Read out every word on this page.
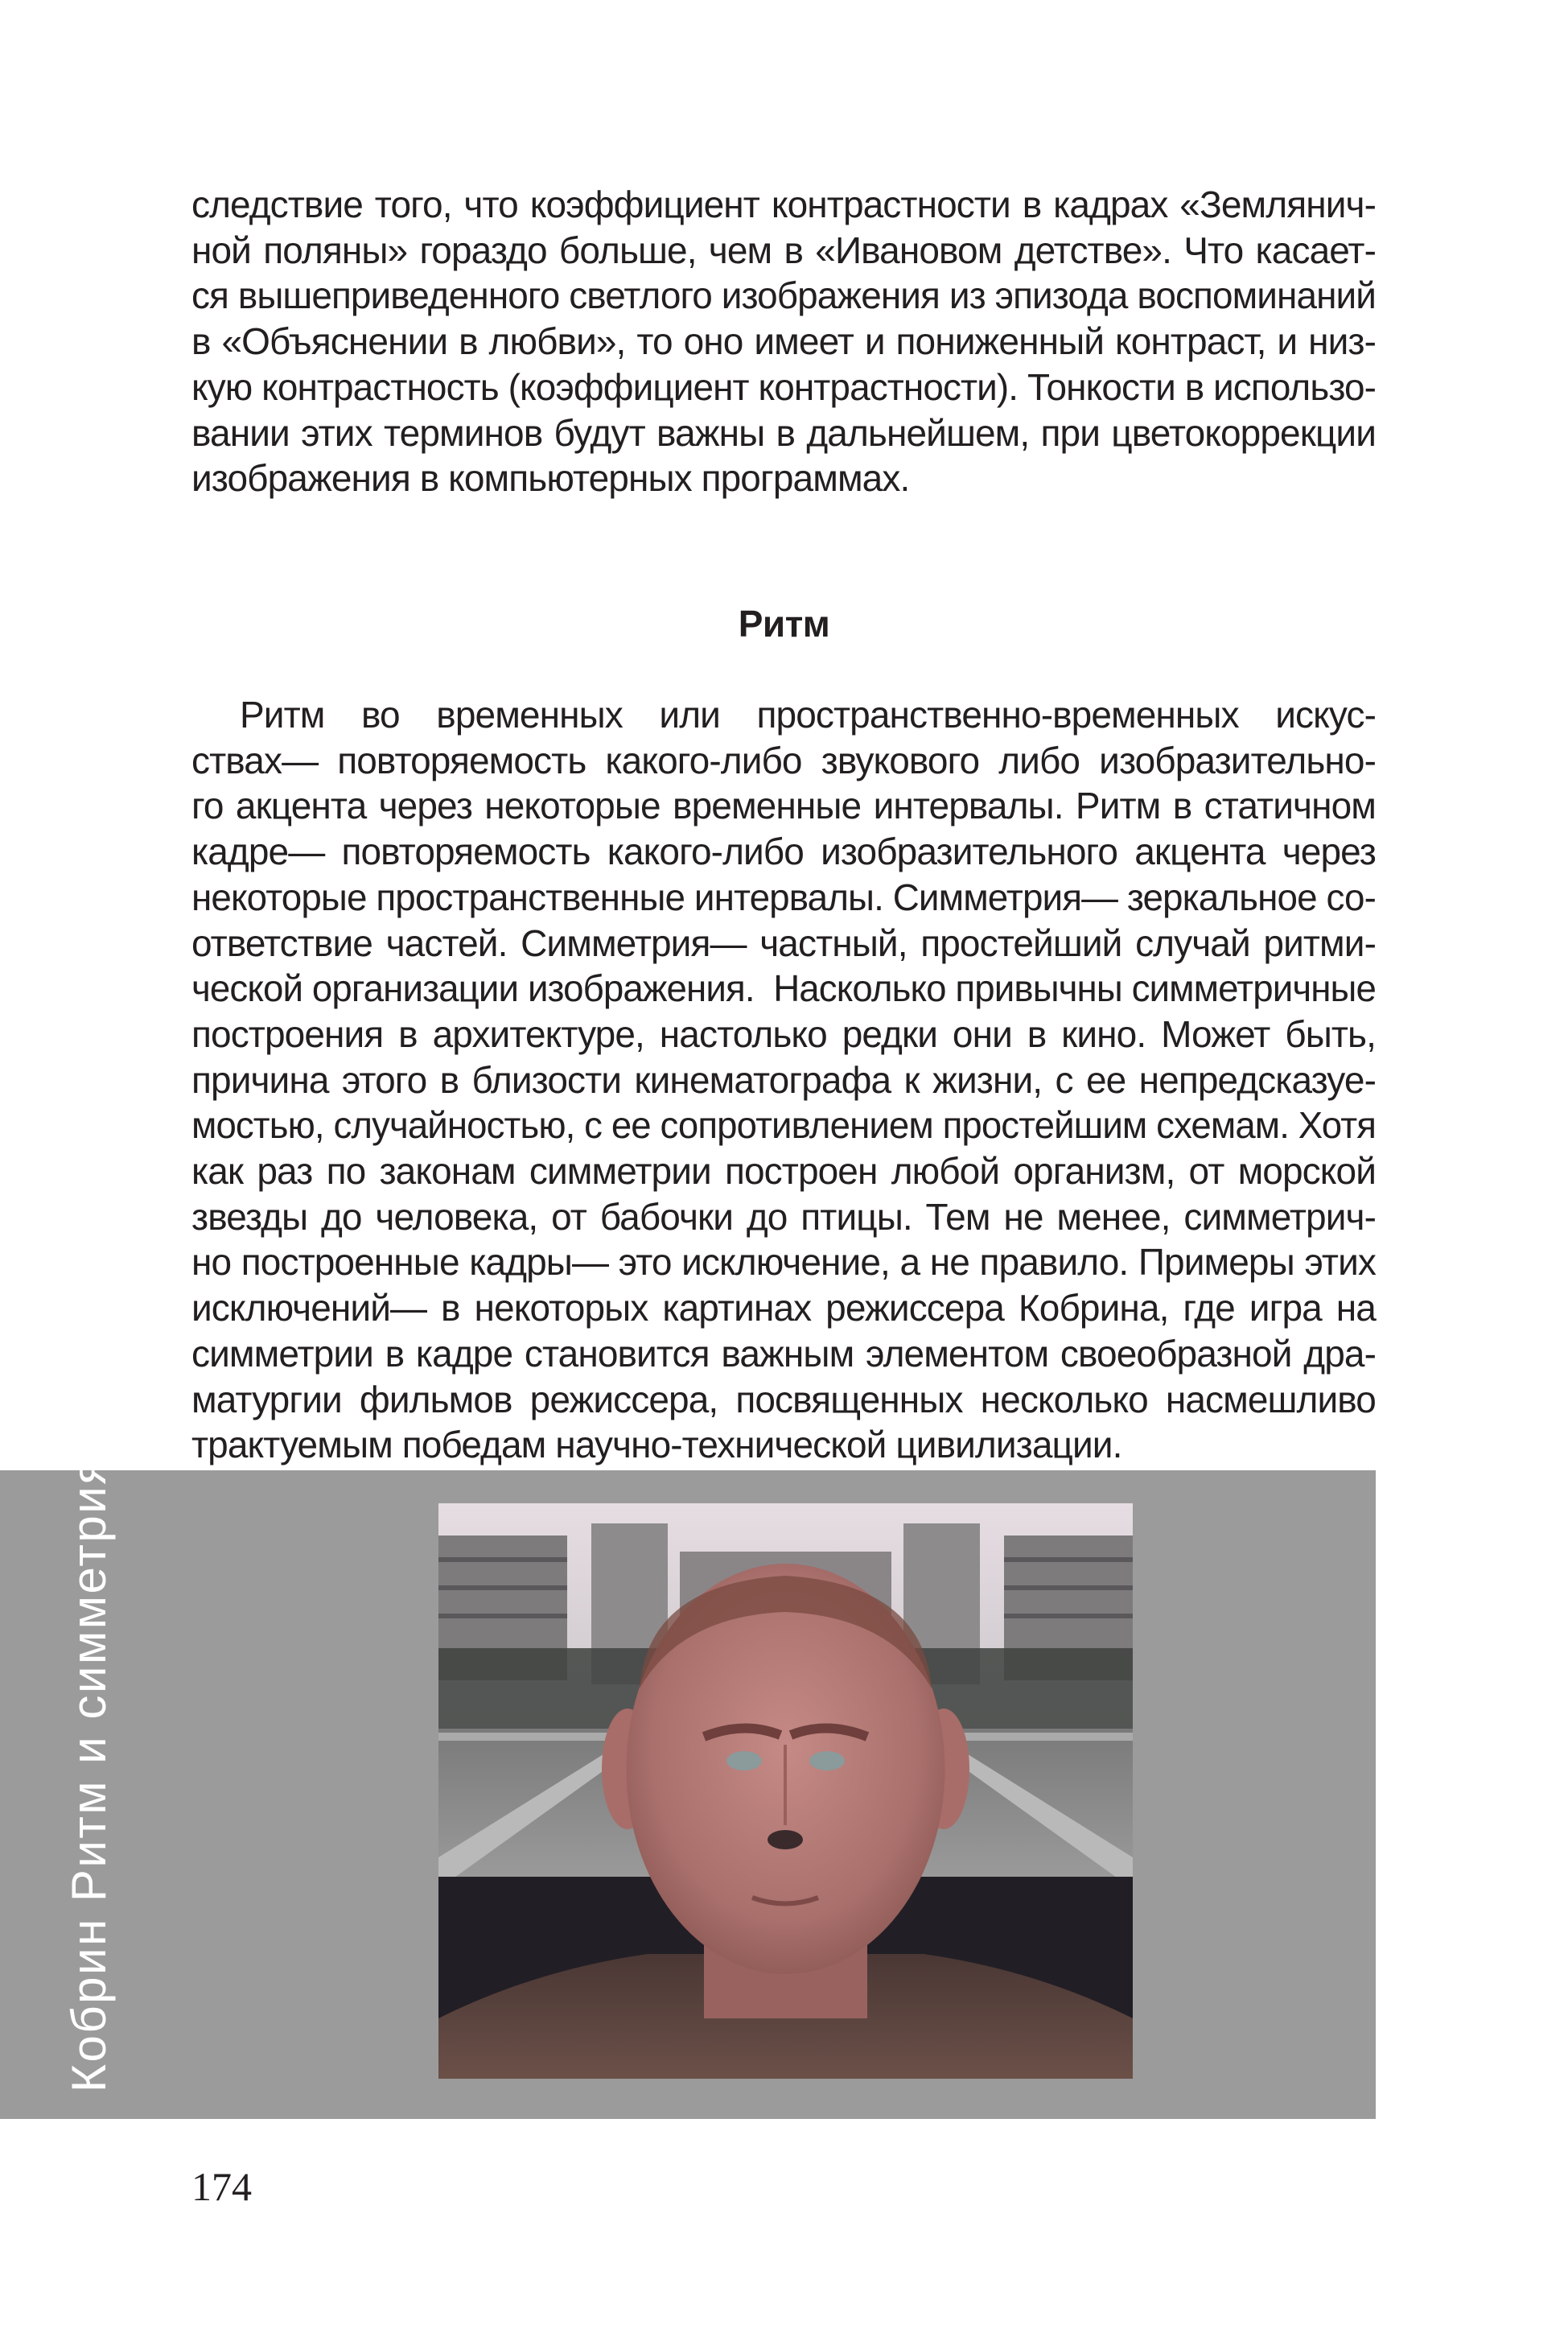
следствие того, что коэффициент контрастности в кадрах «Землянич-
ной поляны» гораздо больше, чем в «Ивановом детстве». Что касает-
ся вышеприведенного светлого изображения из эпизода воспоминаний
в «Объяснении в любви», то оно имеет и пониженный контраст, и низ-
кую контрастность (коэффициент контрастности). Тонкости в использо-
вании этих терминов будут важны в дальнейшем, при цветокоррекции
изображения в компьютерных программах.
Ритм
Ритм во временных или пространственно-временных искус-
ствах— повторяемость какого-либо звукового либо изобразительно-
го акцента через некоторые временные интервалы. Ритм в статичном
кадре— повторяемость какого-либо изобразительного акцента через
некоторые пространственные интервалы. Симметрия— зеркальное со-
ответствие частей. Симметрия— частный, простейший случай ритми-
ческой организации изображения.  Насколько привычны симметричные
построения в архитектуре, настолько редки они в кино. Может быть,
причина этого в близости кинематографа к жизни, с ее непредсказуе-
мостью, случайностью, с ее сопротивлением простейшим схемам. Хотя
как раз по законам симметрии построен любой организм, от морской
звезды до человека, от бабочки до птицы. Тем не менее, симметрич-
но построенные кадры— это исключение, а не правило. Примеры этих
исключений— в некоторых картинах режиссера Кобрина, где игра на
симметрии в кадре становится важным элементом своеобразной дра-
матургии фильмов режиссера, посвященных несколько насмешливо
трактуемым победам научно-технической цивилизации.
Кобрин Ритм и симметрия
174
